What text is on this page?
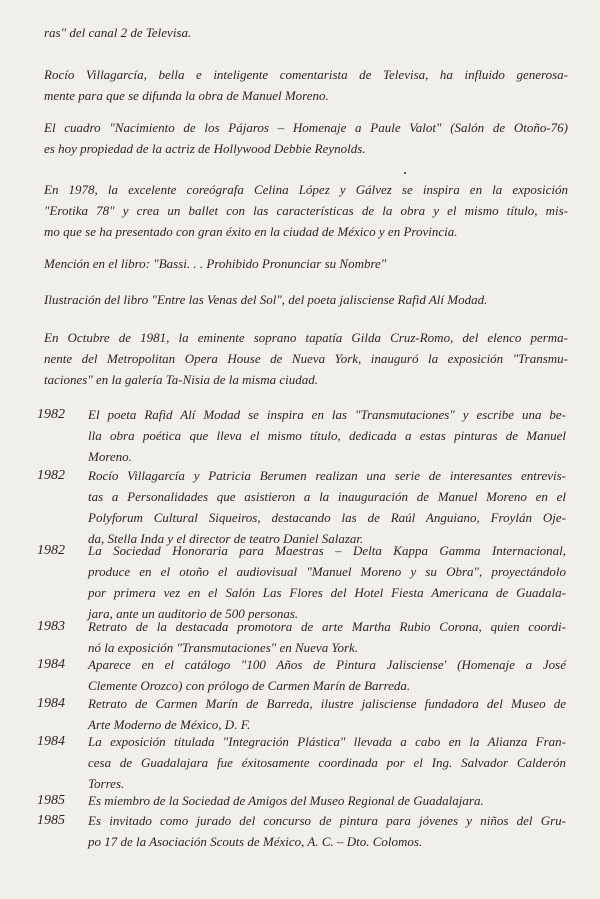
ras" del canal 2 de Televisa.

Rocío Villagarcía, bella e inteligente comentarista de Televisa, ha influido generosa-
mente para que se difunda la obra de Manuel Moreno.

El cuadro "Nacimiento de los Pájaros – Homenaje a Paule Valot" (Salón de Otoño-76)
es hoy propiedad de la actriz de Hollywood Debbie Reynolds.

En 1978, la excelente coreógrafa Celina López y Gálvez se inspira en la exposición
"Erotika 78" y crea un ballet con las características de la obra y el mismo título, mis-
mo que se ha presentado con gran éxito en la ciudad de México y en Provincia.

Mención en el libro: "Bassi. . . Prohibido Pronunciar su Nombre"

Ilustración del libro "Entre las Venas del Sol", del poeta jalisciense Rafid Alí Modad.

En Octubre de 1981, la eminente soprano tapatía Gilda Cruz-Romo, del elenco perma-
nente del Metropolitan Opera House de Nueva York, inauguró la exposición "Transmu-
taciones" en la galería Ta-Nisia de la misma ciudad.

1982	El poeta Rafid Alí Modad se inspira en las "Transmutaciones" y escribe una be-
lla obra poética que lleva el mismo título, dedicada a estas pinturas de Manuel
Moreno.
1982	Rocío Villagarcía y Patricia Berumen realizan una serie de interesantes entrevis-
tas a Personalidades que asistieron a la inauguración de Manuel Moreno en el
Polyforum Cultural Siqueiros, destacando las de Raúl Anguiano, Froylán Oje-
da, Stella Inda y el director de teatro Daniel Salazar.
1982	La Sociedad Honoraria para Maestras – Delta Kappa Gamma Internacional,
produce en el otoño el audiovisual "Manuel Moreno y su Obra", proyectándolo
por primera vez en el Salón Las Flores del Hotel Fiesta Americana de Guadala-
jara, ante un auditorio de 500 personas.
1983	Retrato de la destacada promotora de arte Martha Rubio Corona, quien coordi-
nó la exposición "Transmutaciones" en Nueva York.
1984	Aparece en el catálogo "100 Años de Pintura Jalisciense' (Homenaje a José
Clemente Orozco) con prólogo de Carmen Marín de Barreda.
1984	Retrato de Carmen Marín de Barreda, ilustre jalisciense fundadora del Museo de
Arte Moderno de México, D. F.
1984	La exposición titulada "Integración Plástica" llevada a cabo en la Alianza Fran-
cesa de Guadalajara fue éxitosamente coordinada por el Ing. Salvador Calderón
Torres.
1985	Es miembro de la Sociedad de Amigos del Museo Regional de Guadalajara.
1985	Es invitado como jurado del concurso de pintura para jóvenes y niños del Gru-
po 17 de la Asociación Scouts de México, A. C. – Dto. Colomos.
